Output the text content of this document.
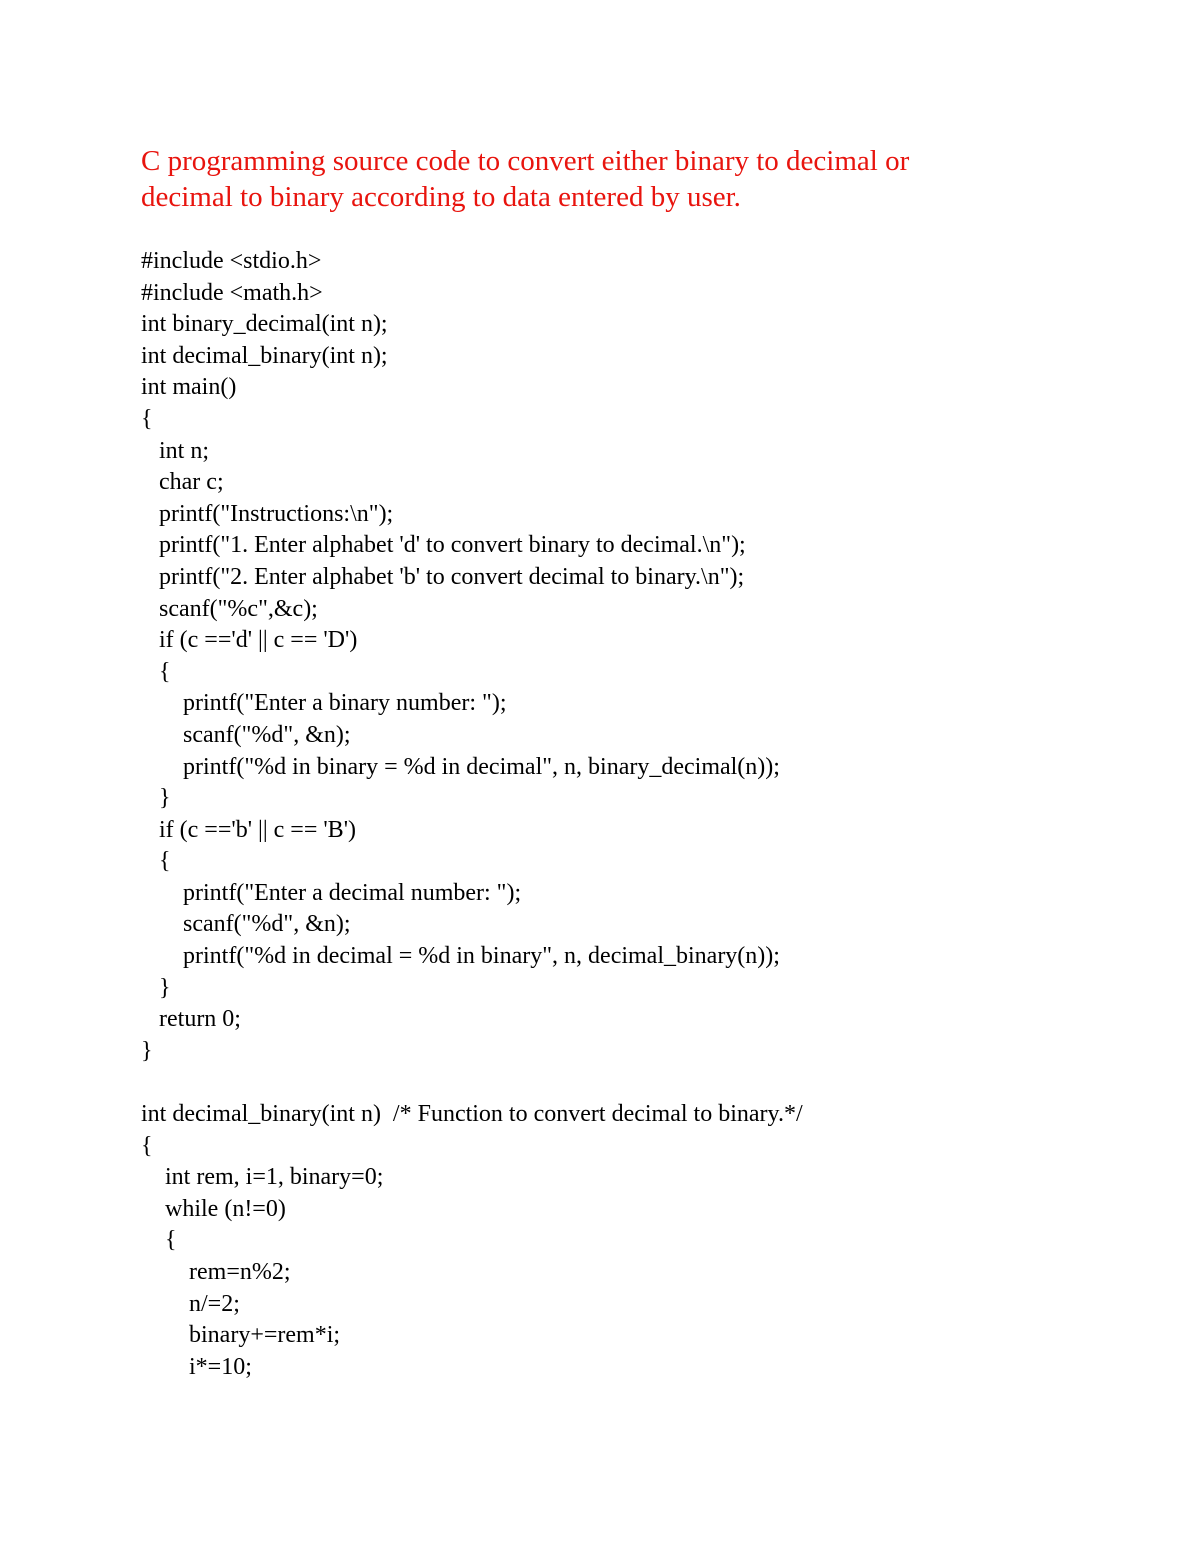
C programming source code to convert either binary to decimal or
decimal to binary according to data entered by user.
#include <stdio.h>
#include <math.h>
int binary_decimal(int n);
int decimal_binary(int n);
int main()
{
int n;
char c;
printf("Instructions:\n");
printf("1. Enter alphabet 'd' to convert binary to decimal.\n");
printf("2. Enter alphabet 'b' to convert decimal to binary.\n");
scanf("%c",&c);
if (c =='d' || c == 'D')
{
printf("Enter a binary number: ");
scanf("%d", &n);
printf("%d in binary = %d in decimal", n, binary_decimal(n));
}
if (c =='b' || c == 'B')
{
printf("Enter a decimal number: ");
scanf("%d", &n);
printf("%d in decimal = %d in binary", n, decimal_binary(n));
}
return 0;
}
int decimal_binary(int n)  /* Function to convert decimal to binary.*/
{
int rem, i=1, binary=0;
while (n!=0)
{
rem=n%2;
n/=2;
binary+=rem*i;
i*=10;
